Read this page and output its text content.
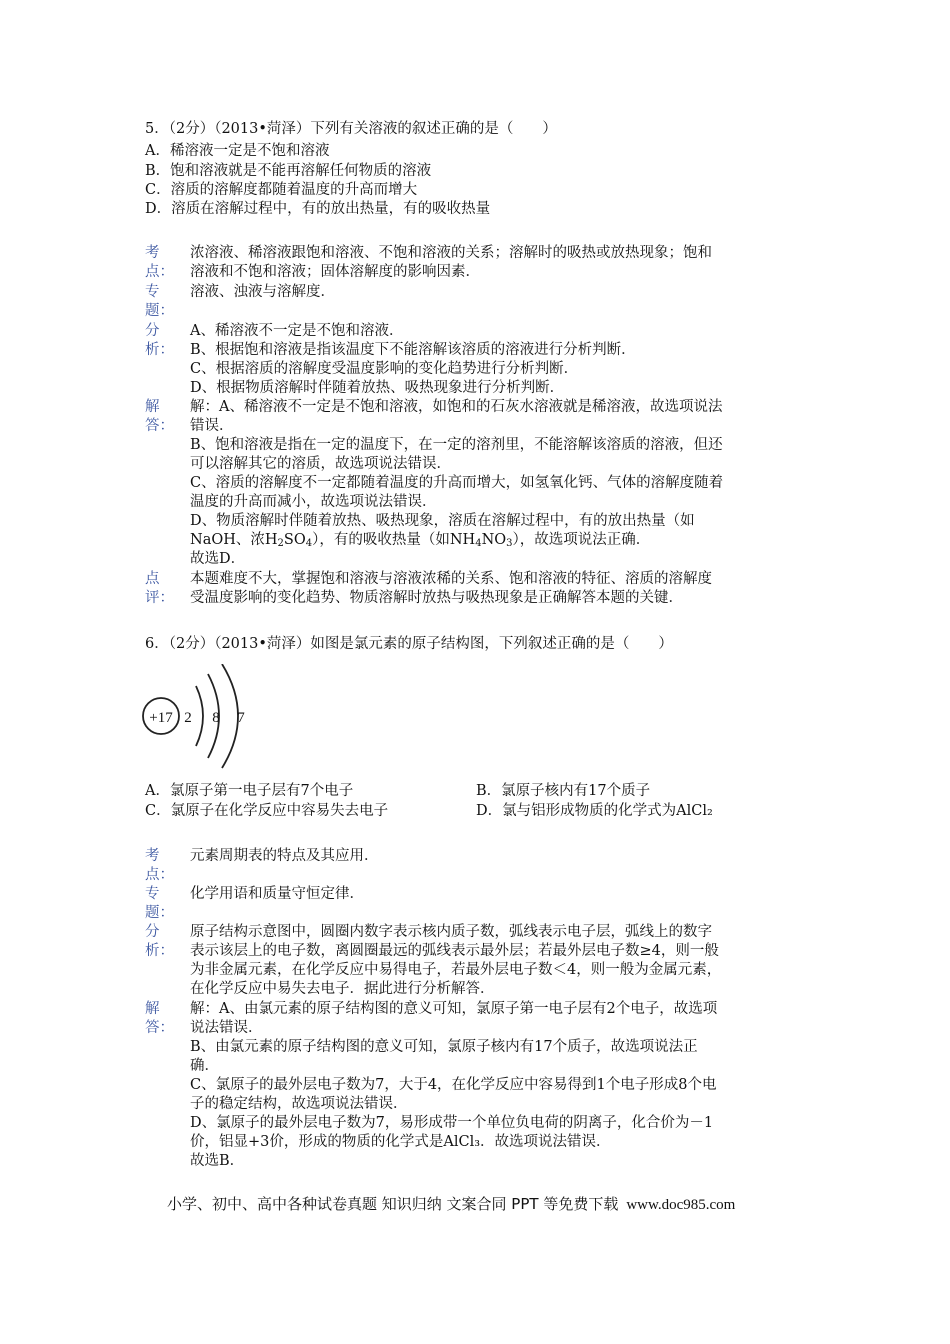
5．（2分）（2013•菏泽）下列有关溶液的叙述正确的是（　　）
A．稀溶液一定是不饱和溶液
B．饱和溶液就是不能再溶解任何物质的溶液
C．溶质的溶解度都随着温度的升高而增大
D．溶质在溶解过程中，有的放出热量，有的吸收热量
考
点：
浓溶液、稀溶液跟饱和溶液、不饱和溶液的关系；溶解时的吸热或放热现象；饱和
溶液和不饱和溶液；固体溶解度的影响因素．
专
题：
溶液、浊液与溶解度．
分
析：
A、稀溶液不一定是不饱和溶液．
B、根据饱和溶液是指该温度下不能溶解该溶质的溶液进行分析判断．
C、根据溶质的溶解度受温度影响的变化趋势进行分析判断．
D、根据物质溶解时伴随着放热、吸热现象进行分析判断．
解
答：
解：A、稀溶液不一定是不饱和溶液，如饱和的石灰水溶液就是稀溶液，故选项说法
错误．
B、饱和溶液是指在一定的温度下，在一定的溶剂里，不能溶解该溶质的溶液，但还
可以溶解其它的溶质，故选项说法错误．
C、溶质的溶解度不一定都随着温度的升高而增大，如氢氧化钙、气体的溶解度随着
温度的升高而减小，故选项说法错误．
D、物质溶解时伴随着放热、吸热现象，溶质在溶解过程中，有的放出热量（如
NaOH、浓$H_2SO_4$），有的吸收热量（如$NH_4NO_3$），故选项说法正确．
故选D．
点
评：
本题难度不大，掌握饱和溶液与溶液浓稀的关系、饱和溶液的特征、溶质的溶解度
受温度影响的变化趋势、物质溶解时放热与吸热现象是正确解答本题的关键．
6．（2分）（2013•菏泽）如图是氯元素的原子结构图，下列叙述正确的是（　　）
+17 2 8 7
A．氯原子第一电子层有7个电子	B．氯原子核内有17个质子
C．氯原子在化学反应中容易失去电子	D．氯与铝形成物质的化学式为AlCl₂
考
点：
元素周期表的特点及其应用．
专
题：
化学用语和质量守恒定律．
分
析：
原子结构示意图中，圆圈内数字表示核内质子数，弧线表示电子层，弧线上的数字
表示该层上的电子数，离圆圈最远的弧线表示最外层；若最外层电子数≥4，则一般
为非金属元素，在化学反应中易得电子，若最外层电子数＜4，则一般为金属元素，
在化学反应中易失去电子．据此进行分析解答．
解
答：
解：A、由氯元素的原子结构图的意义可知，氯原子第一电子层有2个电子，故选项
说法错误．
B、由氯元素的原子结构图的意义可知，氯原子核内有17个质子，故选项说法正
确．
C、氯原子的最外层电子数为7，大于4，在化学反应中容易得到1个电子形成8个电
子的稳定结构，故选项说法错误．
D、氯原子的最外层电子数为7，易形成带一个单位负电荷的阴离子，化合价为－1
价，铝显+3价，形成的物质的化学式是AlCl₃．故选项说法错误．
故选B．
小学、初中、高中各种试卷真题 知识归纳 文案合同 PPT 等免费下载 www.doc985.com
